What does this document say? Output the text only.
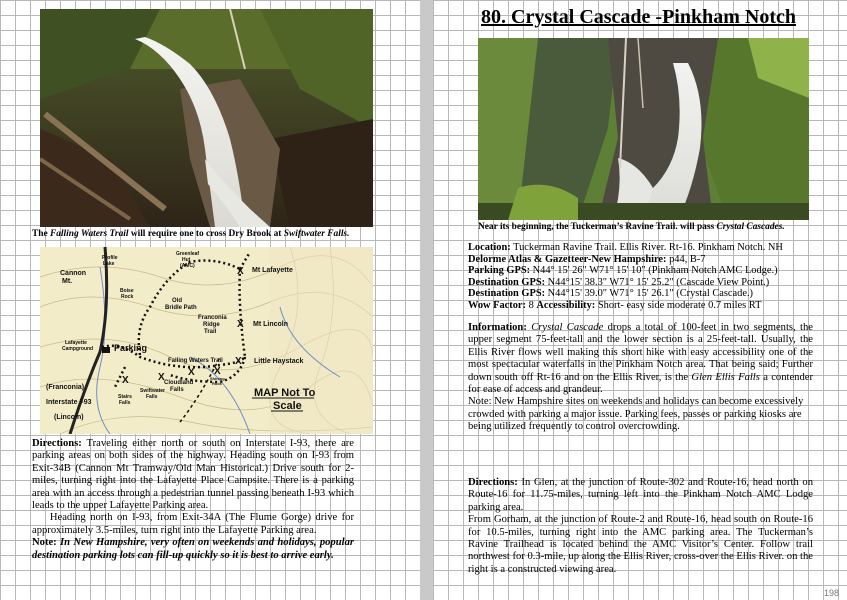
The Falling Waters Trail will require one to cross Dry Brook at Swiftwater Falls.
X
X
X
X	X X X
Cannon
Mt.
Profile
Lake
Boise
Rock
Greenleaf
Hut
(AMC)
Mt Lafayette
Old
Bridle Path
Franconia
Ridge
Trail
Mt Lincoln
Lafayette
Campground Parking
Falling Waters Trail	Little Haystack
(Franconia)
Stairs
Falls
Swiftwater
Falls
Cloudland
Falls
Shining
Rock
Interstate I-93
(Lincoln)
MAP Not To
Scale

Directions: Traveling either north or south on Interstate I-93, there are parking areas on both sides of the highway. Heading south on I-93 from Exit-34B (Cannon Mt Tramway/Old Man Historical.) Drive south for 2-miles, turning right into the Lafayette Place Campsite. There is a parking area with an access through a pedestrian tunnel passing beneath I-93 which leads to the upper Lafayette Parking area.

Heading north on I-93, from Exit-34A (The Flume Gorge) drive for approximately 3.5-miles, turn right into the Lafayette Parking area.

Note: In New Hampshire, very often on weekends and holidays, popular destination parking lots can fill-up quickly so it is best to arrive early.

80. Crystal Cascade -Pinkham Notch
Near its beginning, the Tuckerman’s Ravine Trail. will pass Crystal Cascades.
Location: Tuckerman Ravine Trail. Ellis River. Rt-16. Pinkham Notch. NH
Delorme Atlas & Gazetteer-New Hampshire: p44, B-7
Parking GPS: N44° 15' 26" W71° 15' 10" (Pinkham Notch AMC Lodge.)
Destination GPS: N44°15' 38.3" W71° 15' 25.2" (Cascade View Point.)
Destination GPS: N44°15' 39.0" W71° 15' 26.1" (Crystal Cascade.)
Wow Factor: 8 Accessibility: Short- easy side moderate 0.7 miles RT

Information: Crystal Cascade drops a total of 100-feet in two segments, the upper segment 75-feet-tall and the lower section is a 25-feet-tall. Usually, the Ellis River flows well making this short hike with easy accessibility one of the most spectacular waterfalls in the Pinkham Notch area. That being said; Further down south off Rt-16 and on the Ellis River, is the Glen Ellis Falls a contender for ease of access and grandeur.

Note: New Hampshire sites on weekends and holidays can become excessively crowded with parking a major issue. Parking fees, passes or parking kiosks are being utilized frequently to control overcrowding.

Directions: In Glen, at the junction of Route-302 and Route-16, head north on Route-16 for 11.75-miles, turning left into the Pinkham Notch AMC Lodge parking area.

From Gorham, at the junction of Route-2 and Route-16, head south on Route-16 for 10.5-miles, turning right into the AMC parking area. The Tuckerman’s Ravine Trailhead is located behind the AMC Visitor’s Center. Follow trail northwest for 0.3-mile, up along the Ellis River, cross-over the Ellis River. on the right is a constructed viewing area.

198
